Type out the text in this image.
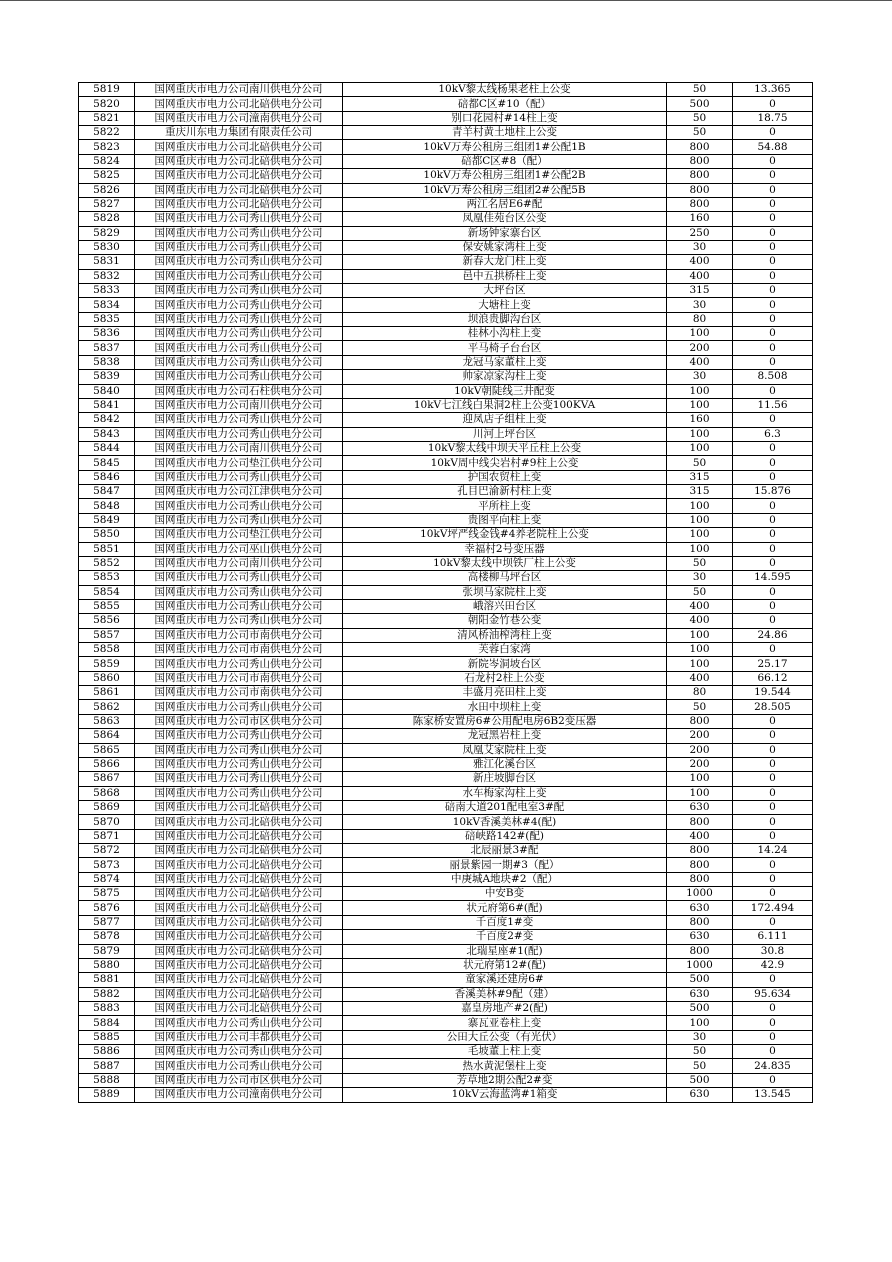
5819	国网重庆市电力公司南川供电分公司	10kV黎太线杨果老柱上公变	50	13.365
5820	国网重庆市电力公司北碚供电分公司	碚都C区#10（配）	500	0
5821	国网重庆市电力公司潼南供电分公司	别口花园村#14柱上变	50	18.75
5822	重庆川东电力集团有限责任公司	青羊村黄土地柱上公变	50	0
5823	国网重庆市电力公司北碚供电分公司	10kV万寿公租房三组团1#公配1B	800	54.88
5824	国网重庆市电力公司北碚供电分公司	碚都C区#8（配）	800	0
5825	国网重庆市电力公司北碚供电分公司	10kV万寿公租房三组团1#公配2B	800	0
5826	国网重庆市电力公司北碚供电分公司	10kV万寿公租房三组团2#公配5B	800	0
5827	国网重庆市电力公司北碚供电分公司	两江名居E6#配	800	0
5828	国网重庆市电力公司秀山供电分公司	凤凰佳苑台区公变	160	0
5829	国网重庆市电力公司秀山供电分公司	新场钟家寨台区	250	0
5830	国网重庆市电力公司秀山供电分公司	保安姚家湾柱上变	30	0
5831	国网重庆市电力公司秀山供电分公司	新春大龙门柱上变	400	0
5832	国网重庆市电力公司秀山供电分公司	邑中五拱桥柱上变	400	0
5833	国网重庆市电力公司秀山供电分公司	大坪台区	315	0
5834	国网重庆市电力公司秀山供电分公司	大塘柱上变	30	0
5835	国网重庆市电力公司秀山供电分公司	坝浪贵脚沟台区	80	0
5836	国网重庆市电力公司秀山供电分公司	桂林小沟柱上变	100	0
5837	国网重庆市电力公司秀山供电分公司	平马椅子台台区	200	0
5838	国网重庆市电力公司秀山供电分公司	龙冠马家董柱上变	400	0
5839	国网重庆市电力公司秀山供电分公司	帅家凉家沟柱上变	30	8.508
5840	国网重庆市电力公司石柱供电分公司	10kV朝陡线三井配变	100	0
5841	国网重庆市电力公司南川供电分公司	10kV七江线白果洞2柱上公变100KVA	100	11.56
5842	国网重庆市电力公司秀山供电分公司	迎凤店子组柱上变	160	0
5843	国网重庆市电力公司秀山供电分公司	川河上坪台区	100	6.3
5844	国网重庆市电力公司南川供电分公司	10kV黎太线中坝天平丘柱上公变	100	0
5845	国网重庆市电力公司垫江供电分公司	10kV周中线尖岩村#9柱上公变	50	0
5846	国网重庆市电力公司秀山供电分公司	护国农贸柱上变	315	0
5847	国网重庆市电力公司江津供电分公司	孔目巴渝新村柱上变	315	15.876
5848	国网重庆市电力公司秀山供电分公司	平所柱上变	100	0
5849	国网重庆市电力公司秀山供电分公司	贵图平向柱上变	100	0
5850	国网重庆市电力公司垫江供电分公司	10kV坪严线金钱#4养老院柱上公变	100	0
5851	国网重庆市电力公司巫山供电分公司	幸福村2号变压器	100	0
5852	国网重庆市电力公司南川供电分公司	10kV黎太线中坝铁厂柱上公变	50	0
5853	国网重庆市电力公司秀山供电分公司	高楼柳马坪台区	30	14.595
5854	国网重庆市电力公司秀山供电分公司	张坝马家院柱上变	50	0
5855	国网重庆市电力公司秀山供电分公司	峨溶兴田台区	400	0
5856	国网重庆市电力公司秀山供电分公司	朝阳金竹巷公变	400	0
5857	国网重庆市电力公司市南供电分公司	清风桥油榨湾柱上变	100	24.86
5858	国网重庆市电力公司市南供电分公司	芙蓉白家湾	100	0
5859	国网重庆市电力公司秀山供电分公司	新院岑洞坡台区	100	25.17
5860	国网重庆市电力公司市南供电分公司	石龙村2柱上公变	400	66.12
5861	国网重庆市电力公司市南供电分公司	丰盛月亮田柱上变	80	19.544
5862	国网重庆市电力公司秀山供电分公司	水田中坝柱上变	50	28.505
5863	国网重庆市电力公司市区供电分公司	陈家桥安置房6#公用配电房6B2变压器	800	0
5864	国网重庆市电力公司秀山供电分公司	龙冠黑岩柱上变	200	0
5865	国网重庆市电力公司秀山供电分公司	凤凰艾家院柱上变	200	0
5866	国网重庆市电力公司秀山供电分公司	雅江化溪台区	200	0
5867	国网重庆市电力公司秀山供电分公司	新庄坡脚台区	100	0
5868	国网重庆市电力公司秀山供电分公司	水车梅家沟柱上变	100	0
5869	国网重庆市电力公司北碚供电分公司	碚南大道201配电室3#配	630	0
5870	国网重庆市电力公司北碚供电分公司	10kV香溪美林#4(配)	800	0
5871	国网重庆市电力公司北碚供电分公司	碚峡路142#(配)	400	0
5872	国网重庆市电力公司北碚供电分公司	北辰丽景3#配	800	14.24
5873	国网重庆市电力公司北碚供电分公司	丽景紫园一期#3（配）	800	0
5874	国网重庆市电力公司北碚供电分公司	中庚城A地块#2（配）	800	0
5875	国网重庆市电力公司北碚供电分公司	中安B变	1000	0
5876	国网重庆市电力公司北碚供电分公司	状元府第6#(配)	630	172.494
5877	国网重庆市电力公司北碚供电分公司	千百度1#变	800	0
5878	国网重庆市电力公司北碚供电分公司	千百度2#变	630	6.111
5879	国网重庆市电力公司北碚供电分公司	北瑞星座#1(配)	800	30.8
5880	国网重庆市电力公司北碚供电分公司	状元府第12#(配)	1000	42.9
5881	国网重庆市电力公司北碚供电分公司	童家溪还建房6#	500	0
5882	国网重庆市电力公司北碚供电分公司	香溪美林#9配（建）	630	95.634
5883	国网重庆市电力公司北碚供电分公司	嘉皇房地产#2(配)	500	0
5884	国网重庆市电力公司秀山供电分公司	寨瓦亚卷柱上变	100	0
5885	国网重庆市电力公司丰都供电分公司	公田大丘公变（有光伏）	30	0
5886	国网重庆市电力公司秀山供电分公司	毛坡董上柱上变	50	0
5887	国网重庆市电力公司秀山供电分公司	热水黄泥堡柱上变	50	24.835
5888	国网重庆市电力公司市区供电分公司	芳草地2期公配2#变	500	0
5889	国网重庆市电力公司潼南供电分公司	10kV云海蓝湾#1箱变	630	13.545
